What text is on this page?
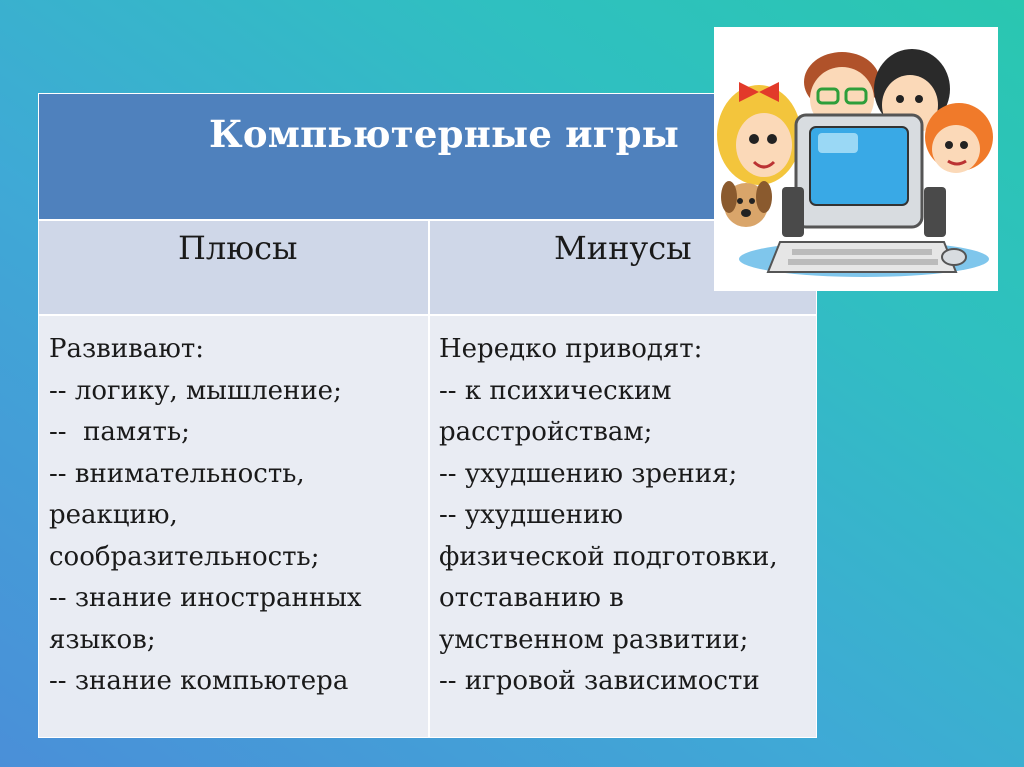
Компьютерные игры
Плюсы	Минусы
Развивают:
-- логику, мышление;
--  память;
-- внимательность,
реакцию,
сообразительность;
-- знание иностранных
языков;
-- знание компьютера
Нередко приводят:
-- к психическим
расстройствам;
-- ухудшению зрения;
-- ухудшению
физической подготовки,
отставанию в
умственном развитии;
-- игровой зависимости
